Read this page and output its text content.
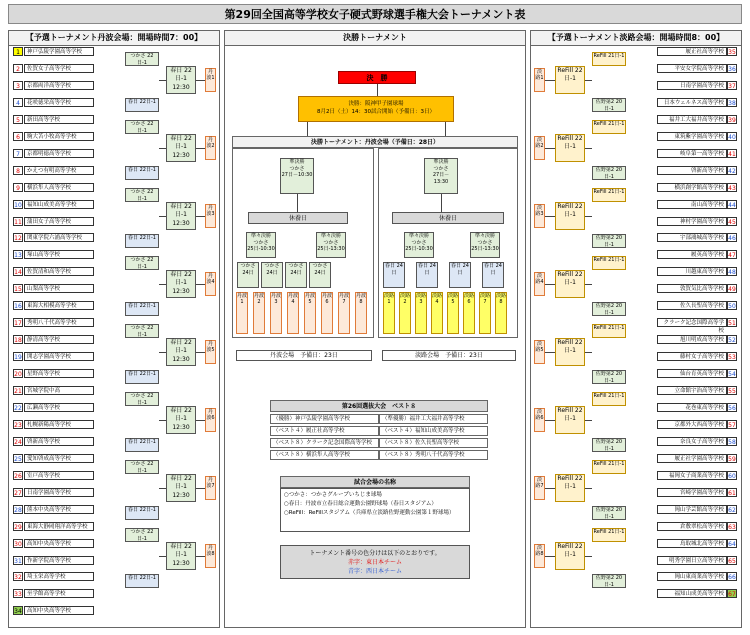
第29回全国高等学校女子硬式野球選手権大会トーナメント表
【予選トーナメント丹波会場：開場時間7：00】	決勝トーナメント
決　勝
決勝：阪神甲子園球場
8月2日（土）14：30試合開始（予備日：3日）
決勝トーナメント：丹波会場（予備日：28日）
準決勝
つかさ
27日－10:30
準決勝
つかさ
27日－
13:30
休養日	休養日
準々決勝
つかさ
25日-10:30
準々決勝
つかさ
25日-13:30
準々決勝
つかさ
25日-10:30
準々決勝
つかさ
25日-13:30
丹波会場　予備日：23日	淡路会場　予備日：23日
第26回選抜大会　ベスト８
試合会場の名称
○つかさ：つかさグループいちじま球場
○春日：丹波市立春日総合運動公園野球場（春日スタジアム）
○ReFill：ReFillスタジアム（兵庫県立淡路佐野運動公園第１野球場）
トーナメント番号の色分けは以下のとおりです。
赤字：東日本チーム
青字：西日本チーム
【予選トーナメント淡路会場：開場時間8：00】
1	神戸弘陵学園高等学校
2	佐賀女子高等学校
3	京都両洋高等学校
4	花咲徳栄高等学校
5	新田高等学校
6	駒大苫小牧高等学校
7	京都明徳高等学校
8	かえつ有明高等学校
9	横浜隼人高等学校
10 福知山成美高等学校
11 蒲田女子高等学校
12 関東学院六浦高等学校
13 塚山高等学校
14 佐賀清和高等学校
15 山梨高等学校
16 東海大相模高等学校
17 秀明八千代高等学校
18 静清高等学校
19 開志学園高等学校
20 星野高等学校
21 宮城学院中高
22 広瀬高等学校
23 札幌新陽高等学校
24 啓新高等学校
25 愛知啓成高等学校
26 室戸高等学校
27 日南学園高等学校
28 熊本中央高等学校
29 東海大静岡翔洋高等学校
30 高知中央高等学校
31 作新学院高等学校
32 埼玉栄高等学校
33 至学館高等学校
34 高知中央高等学校
つかさ 22日-1
春日 22日-1
春日 22日-1 12:30
丹波1
つかさ 22日-1
春日 22日-1
春日 22日-1 12:30
丹波2
つかさ 22日-1
春日 22日-1
春日 22日-1 12:30
丹波3
つかさ 22日-1
春日 22日-1
春日 22日-1 12:30
丹波4
つかさ 22日-1
春日 22日-1
春日 22日-1 12:30
丹波5
つかさ 22日-1
春日 22日-1
春日 22日-1 12:30
丹波6
つかさ 22日-1
春日 22日-1
春日 22日-1 12:30
丹波7
つかさ 22日-1
春日 22日-1
春日 22日-1 12:30
丹波8
履正社高等学校 35
平安女学院高等学校 36
日南学園高等学校 37
日本ウェルネス高等学校 38
福井工大福井高等学校 39
東筑紫学園高等学校 40
岐阜第一高等学校 41
啓新高等学校 42
横浜創学館高等学校 43
南山高等学校 44
神村学園高等学校 45
宇部鴻城高等学校 46
履英高等学校 47
川越東高等学校 48
敦賀気比高等学校 49
佐久長聖高等学校 50
クラーク記念国際高等学校
51
旭川明成高等学校 52
藤村女子高等学校 53
仙台育英高等学校 54
立命館宇治高等学校 55
花巻東高等学校 56
京都外大西高等学校 57
奈良女子高等学校 58
履正社学園高等学校 59
福岡女子商業高等学校 60
宮崎学園高等学校 61
岡山学芸館高等学校 62
倉敷翠松高等学校 63
鳥取城北高等学校 64
明秀学園日立高等学校 65
岡山東商業高等学校 66
福知山成美高等学校 67
淡路1
ReFill 22日-1
ReFill 21日-1
佐野第2 20日-1
淡路2
ReFill 22日-1
ReFill 21日-1
佐野第2 20日-1
淡路3
ReFill 22日-1
ReFill 21日-1
佐野第2 20日-1
淡路4
ReFill 22日-1
ReFill 21日-1
佐野第2 20日-1
淡路5
ReFill 22日-1
ReFill 21日-1
佐野第2 20日-1
淡路6
ReFill 22日-1
ReFill 21日-1
佐野第2 20日-1
淡路7
ReFill 22日-1
ReFill 21日-1
佐野第2 20日-1
淡路8
ReFill 22日-1
ReFill 21日-1
佐野第2 20日-1
つかさ 24日
春日 24日
つかさ 24日
春日 24日
つかさ 24日
春日 24日
つかさ 24日
春日 24日
丹波1
淡路1
丹波2
淡路2
丹波3
淡路3
丹波4
淡路4
丹波5
淡路5
丹波6
淡路6
丹波7
淡路7
丹波8
淡路8
（優勝）神戸弘陵学園高等学校	（準優勝）福井工大福井高等学校
（ベスト４）履正社高等学校	（ベスト４）福知山成美高等学校
（ベスト８）クラーク記念国際高等学校	（ベスト８）佐久長聖高等学校
（ベスト８）横浜隼人高等学校	（ベスト８）秀明八千代高等学校
